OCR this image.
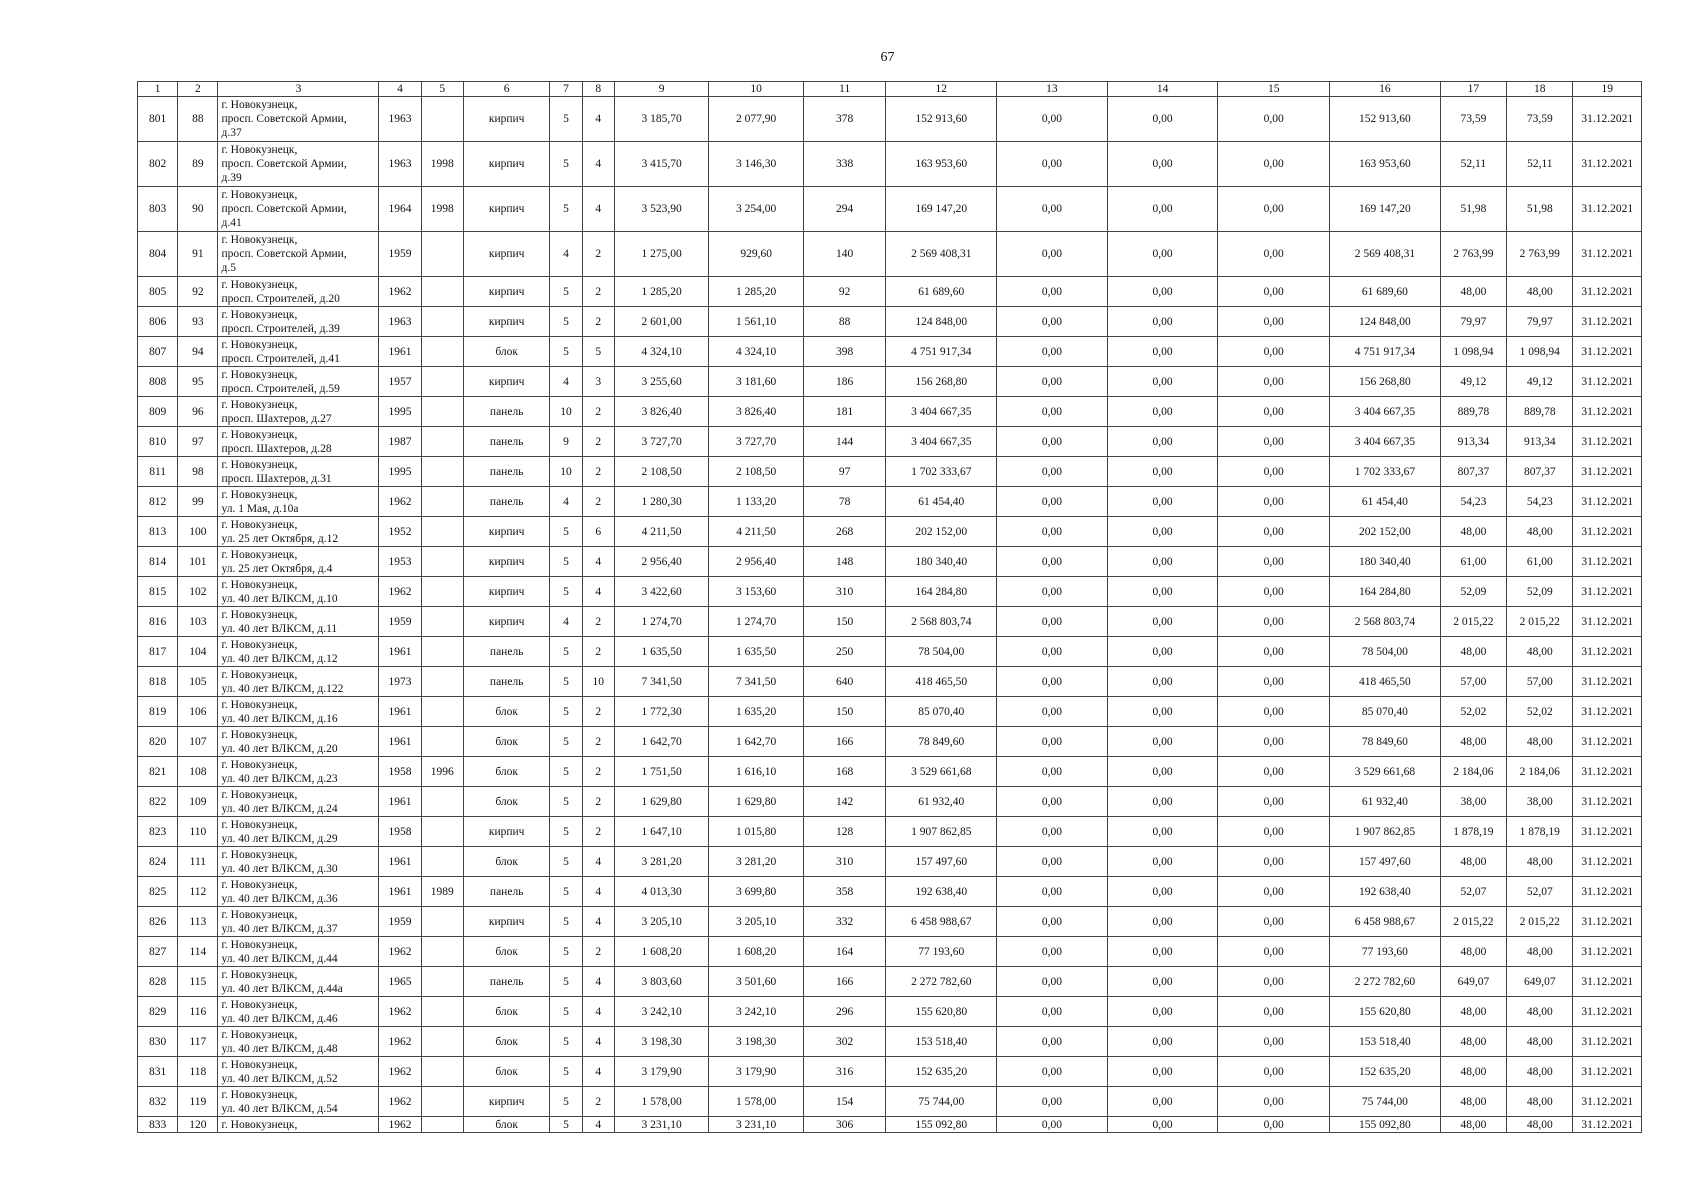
67
1	2	3	4	5	6	7	8	9	10	11	12	13	14	15	16	17	18	19
801	88	г. Новокузнецк,
просп. Советской Армии,
д.37	1963		кирпич	5	4	3 185,70	2 077,90	378	152 913,60	0,00	0,00	0,00	152 913,60	73,59	73,59	31.12.2021
802	89	г. Новокузнецк,
просп. Советской Армии,
д.39	1963	1998	кирпич	5	4	3 415,70	3 146,30	338	163 953,60	0,00	0,00	0,00	163 953,60	52,11	52,11	31.12.2021
803	90	г. Новокузнецк,
просп. Советской Армии,
д.41	1964	1998	кирпич	5	4	3 523,90	3 254,00	294	169 147,20	0,00	0,00	0,00	169 147,20	51,98	51,98	31.12.2021
804	91	г. Новокузнецк,
просп. Советской Армии,
д.5	1959		кирпич	4	2	1 275,00	929,60	140	2 569 408,31	0,00	0,00	0,00	2 569 408,31	2 763,99	2 763,99	31.12.2021
805	92	г. Новокузнецк,
просп. Строителей, д.20	1962		кирпич	5	2	1 285,20	1 285,20	92	61 689,60	0,00	0,00	0,00	61 689,60	48,00	48,00	31.12.2021
806	93	г. Новокузнецк,
просп. Строителей, д.39	1963		кирпич	5	2	2 601,00	1 561,10	88	124 848,00	0,00	0,00	0,00	124 848,00	79,97	79,97	31.12.2021
807	94	г. Новокузнецк,
просп. Строителей, д.41	1961		блок	5	5	4 324,10	4 324,10	398	4 751 917,34	0,00	0,00	0,00	4 751 917,34	1 098,94	1 098,94	31.12.2021
808	95	г. Новокузнецк,
просп. Строителей, д.59	1957		кирпич	4	3	3 255,60	3 181,60	186	156 268,80	0,00	0,00	0,00	156 268,80	49,12	49,12	31.12.2021
809	96	г. Новокузнецк,
просп. Шахтеров, д.27	1995		панель	10	2	3 826,40	3 826,40	181	3 404 667,35	0,00	0,00	0,00	3 404 667,35	889,78	889,78	31.12.2021
810	97	г. Новокузнецк,
просп. Шахтеров, д.28	1987		панель	9	2	3 727,70	3 727,70	144	3 404 667,35	0,00	0,00	0,00	3 404 667,35	913,34	913,34	31.12.2021
811	98	г. Новокузнецк,
просп. Шахтеров, д.31	1995		панель	10	2	2 108,50	2 108,50	97	1 702 333,67	0,00	0,00	0,00	1 702 333,67	807,37	807,37	31.12.2021
812	99	г. Новокузнецк,
ул. 1 Мая, д.10а	1962		панель	4	2	1 280,30	1 133,20	78	61 454,40	0,00	0,00	0,00	61 454,40	54,23	54,23	31.12.2021
813	100	г. Новокузнецк,
ул. 25 лет Октября, д.12	1952		кирпич	5	6	4 211,50	4 211,50	268	202 152,00	0,00	0,00	0,00	202 152,00	48,00	48,00	31.12.2021
814	101	г. Новокузнецк,
ул. 25 лет Октября, д.4	1953		кирпич	5	4	2 956,40	2 956,40	148	180 340,40	0,00	0,00	0,00	180 340,40	61,00	61,00	31.12.2021
815	102	г. Новокузнецк,
ул. 40 лет ВЛКСМ, д.10	1962		кирпич	5	4	3 422,60	3 153,60	310	164 284,80	0,00	0,00	0,00	164 284,80	52,09	52,09	31.12.2021
816	103	г. Новокузнецк,
ул. 40 лет ВЛКСМ, д.11	1959		кирпич	4	2	1 274,70	1 274,70	150	2 568 803,74	0,00	0,00	0,00	2 568 803,74	2 015,22	2 015,22	31.12.2021
817	104	г. Новокузнецк,
ул. 40 лет ВЛКСМ, д.12	1961		панель	5	2	1 635,50	1 635,50	250	78 504,00	0,00	0,00	0,00	78 504,00	48,00	48,00	31.12.2021
818	105	г. Новокузнецк,
ул. 40 лет ВЛКСМ, д.122	1973		панель	5	10	7 341,50	7 341,50	640	418 465,50	0,00	0,00	0,00	418 465,50	57,00	57,00	31.12.2021
819	106	г. Новокузнецк,
ул. 40 лет ВЛКСМ, д.16	1961		блок	5	2	1 772,30	1 635,20	150	85 070,40	0,00	0,00	0,00	85 070,40	52,02	52,02	31.12.2021
820	107	г. Новокузнецк,
ул. 40 лет ВЛКСМ, д.20	1961		блок	5	2	1 642,70	1 642,70	166	78 849,60	0,00	0,00	0,00	78 849,60	48,00	48,00	31.12.2021
821	108	г. Новокузнецк,
ул. 40 лет ВЛКСМ, д.23	1958	1996	блок	5	2	1 751,50	1 616,10	168	3 529 661,68	0,00	0,00	0,00	3 529 661,68	2 184,06	2 184,06	31.12.2021
822	109	г. Новокузнецк,
ул. 40 лет ВЛКСМ, д.24	1961		блок	5	2	1 629,80	1 629,80	142	61 932,40	0,00	0,00	0,00	61 932,40	38,00	38,00	31.12.2021
823	110	г. Новокузнецк,
ул. 40 лет ВЛКСМ, д.29	1958		кирпич	5	2	1 647,10	1 015,80	128	1 907 862,85	0,00	0,00	0,00	1 907 862,85	1 878,19	1 878,19	31.12.2021
824	111	г. Новокузнецк,
ул. 40 лет ВЛКСМ, д.30	1961		блок	5	4	3 281,20	3 281,20	310	157 497,60	0,00	0,00	0,00	157 497,60	48,00	48,00	31.12.2021
825	112	г. Новокузнецк,
ул. 40 лет ВЛКСМ, д.36	1961	1989	панель	5	4	4 013,30	3 699,80	358	192 638,40	0,00	0,00	0,00	192 638,40	52,07	52,07	31.12.2021
826	113	г. Новокузнецк,
ул. 40 лет ВЛКСМ, д.37	1959		кирпич	5	4	3 205,10	3 205,10	332	6 458 988,67	0,00	0,00	0,00	6 458 988,67	2 015,22	2 015,22	31.12.2021
827	114	г. Новокузнецк,
ул. 40 лет ВЛКСМ, д.44	1962		блок	5	2	1 608,20	1 608,20	164	77 193,60	0,00	0,00	0,00	77 193,60	48,00	48,00	31.12.2021
828	115	г. Новокузнецк,
ул. 40 лет ВЛКСМ, д.44а	1965		панель	5	4	3 803,60	3 501,60	166	2 272 782,60	0,00	0,00	0,00	2 272 782,60	649,07	649,07	31.12.2021
829	116	г. Новокузнецк,
ул. 40 лет ВЛКСМ, д.46	1962		блок	5	4	3 242,10	3 242,10	296	155 620,80	0,00	0,00	0,00	155 620,80	48,00	48,00	31.12.2021
830	117	г. Новокузнецк,
ул. 40 лет ВЛКСМ, д.48	1962		блок	5	4	3 198,30	3 198,30	302	153 518,40	0,00	0,00	0,00	153 518,40	48,00	48,00	31.12.2021
831	118	г. Новокузнецк,
ул. 40 лет ВЛКСМ, д.52	1962		блок	5	4	3 179,90	3 179,90	316	152 635,20	0,00	0,00	0,00	152 635,20	48,00	48,00	31.12.2021
832	119	г. Новокузнецк,
ул. 40 лет ВЛКСМ, д.54	1962		кирпич	5	2	1 578,00	1 578,00	154	75 744,00	0,00	0,00	0,00	75 744,00	48,00	48,00	31.12.2021
833	120	г. Новокузнецк,	1962		блок	5	4	3 231,10	3 231,10	306	155 092,80	0,00	0,00	0,00	155 092,80	48,00	48,00	31.12.2021
